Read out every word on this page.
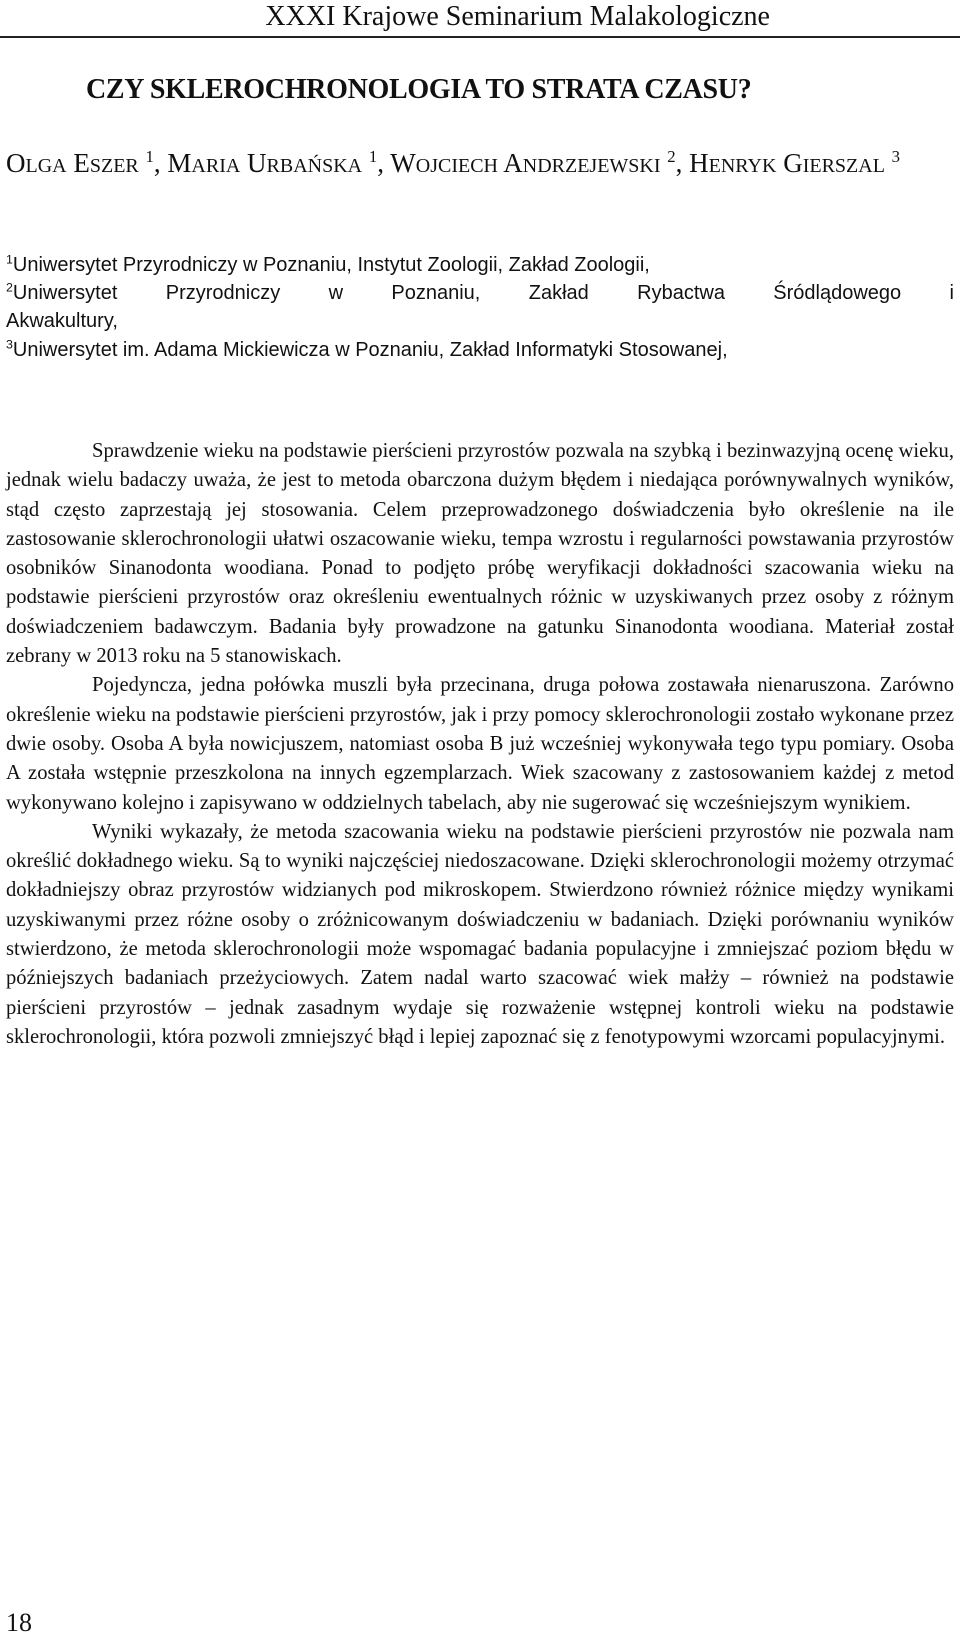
XXXI Krajowe Seminarium Malakologiczne
CZY SKLEROCHRONOLOGIA TO STRATA CZASU?

OLGA ESZER $^1$, MARIA URBAŃSKA $^1$, WOJCIECH ANDRZEJEWSKI $^2$, HENRYK GIERSZAL $^3$

$^1$Uniwersytet Przyrodniczy w Poznaniu, Instytut Zoologii, Zakład Zoologii,

$^2$Uniwersytet Przyrodniczy w Poznaniu, Zakład Rybactwa Śródlądowego i

Akwakultury,

$^3$Uniwersytet im. Adama Mickiewicza w Poznaniu, Zakład Informatyki Stosowanej,

Sprawdzenie wieku na podstawie pierścieni przyrostów pozwala na szybką i bezinwazyjną ocenę wieku, jednak wielu badaczy uważa, że jest to metoda obarczona dużym błędem i niedająca porównywalnych wyników, stąd często zaprzestają jej stosowania. Celem przeprowadzonego doświadczenia było określenie na ile zastosowanie sklerochronologii ułatwi oszacowanie wieku, tempa wzrostu i regularności powstawania przyrostów osobników Sinanodonta woodiana. Ponad to podjęto próbę weryfikacji dokładności szacowania wieku na podstawie pierścieni przyrostów oraz określeniu ewentualnych różnic w uzyskiwanych przez osoby z różnym doświadczeniem badawczym. Badania były prowadzone na gatunku Sinanodonta woodiana. Materiał został zebrany w 2013 roku na 5 stanowiskach.

Pojedyncza, jedna połówka muszli była przecinana, druga połowa zostawała nienaruszona. Zarówno określenie wieku na podstawie pierścieni przyrostów, jak i przy pomocy sklerochronologii zostało wykonane przez dwie osoby. Osoba A była nowicjuszem, natomiast osoba B już wcześniej wykonywała tego typu pomiary. Osoba A została wstępnie przeszkolona na innych egzemplarzach. Wiek szacowany z zastosowaniem każdej z metod wykonywano kolejno i zapisywano w oddzielnych tabelach, aby nie sugerować się wcześniejszym wynikiem.

Wyniki wykazały, że metoda szacowania wieku na podstawie pierścieni przyrostów nie pozwala nam określić dokładnego wieku. Są to wyniki najczęściej niedoszacowane. Dzięki sklerochronologii możemy otrzymać dokładniejszy obraz przyrostów widzianych pod mikroskopem. Stwierdzono również różnice między wynikami uzyskiwanymi przez różne osoby o zróżnicowanym doświadczeniu w badaniach. Dzięki porównaniu wyników stwierdzono, że metoda sklerochronologii może wspomagać badania populacyjne i zmniejszać poziom błędu w późniejszych badaniach przeżyciowych. Zatem nadal warto szacować wiek małży – również na podstawie pierścieni przyrostów – jednak zasadnym wydaje się rozważenie wstępnej kontroli wieku na podstawie sklerochronologii, która pozwoli zmniejszyć błąd i lepiej zapoznać się z fenotypowymi wzorcami populacyjnymi.

18
